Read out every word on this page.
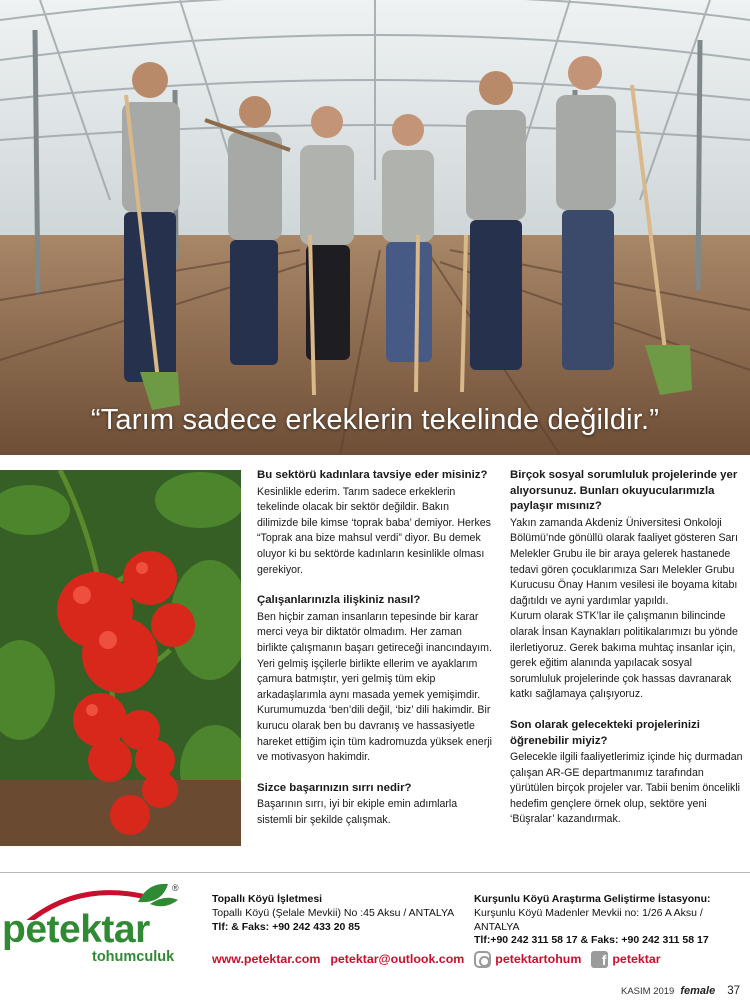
“Tarım sadece erkeklerin tekelinde değildir.”
Bu sektörü kadınlara tavsiye eder misiniz?
Kesinlikle ederim. Tarım sadece erkeklerin tekelinde olacak bir sektör değildir. Bakın dilimizde bile kimse ‘toprak baba’ demiyor. Herkes “Toprak ana bize mahsul verdi” diyor. Bu demek oluyor ki bu sektörde kadınların kesinlikle olması gerekiyor.
Çalışanlarınızla ilişkiniz nasıl?
Ben hiçbir zaman insanların tepesinde bir karar merci veya bir diktatör olmadım. Her zaman birlikte çalışmanın başarı getireceği inancındayım. Yeri gelmiş işçilerle birlikte ellerim ve ayaklarım çamura batmıştır, yeri gelmiş tüm ekip arkadaşlarımla aynı masada yemek yemişimdir. Kurumumuzda ‘ben’dili değil, ‘biz’ dili hakimdir. Bir kurucu olarak ben bu davranış ve hassasiyetle hareket ettiğim için tüm kadromuzda yüksek enerji ve motivasyon hakimdir.
Sizce başarınızın sırrı nedir?
Başarının sırrı, iyi bir ekiple emin adımlarla sistemli bir şekilde çalışmak.
Birçok sosyal sorumluluk projelerinde yer alıyorsunuz. Bunları okuyucularımızla paylaşır mısınız?
Yakın zamanda Akdeniz Üniversitesi Onkoloji Bölümü’nde gönüllü olarak faaliyet gösteren Sarı Melekler Grubu ile bir araya gelerek hastanede tedavi gören çocuklarımıza Sarı Melekler Grubu Kurucusu Önay Hanım vesilesi ile boyama kitabı dağıtıldı ve ayni yardımlar yapıldı.
Kurum olarak STK’lar ile çalışmanın bilincinde olarak İnsan Kaynakları politikalarımızı bu yönde ilerletiyoruz. Gerek bakıma muhtaç insanlar için, gerek eğitim alanında yapılacak sosyal sorumluluk projelerinde çok hassas davranarak katkı sağlamaya çalışıyoruz.
Son olarak gelecekteki projelerinizi öğrenebilir miyiz?
Gelecekle ilgili faaliyetlerimiz içinde hiç durmadan çalışan AR-GE departmanımız tarafından yürütülen birçok projeler var. Tabii benim öncelikli hedefim gençlere örnek olup, sektöre yeni ‘Büşralar’ kazandırmak.
®
petektar
tohumculuk
Topallı Köyü İşletmesi
Topallı Köyü (Şelale Mevkii) No :45 Aksu / ANTALYA
Tlf: & Faks: +90 242 433 20 85
Kurşunlu Köyü Araştırma Geliştirme İstasyonu:
Kurşunlu Köyü Madenler Mevkii no: 1/26 A Aksu / ANTALYA
Tlf:+90 242 311 58 17 & Faks: +90 242 311 58 17
www.petektar.com petektar@outlook.com	petektartohum	f petektar
KASIM 2019 female 37
